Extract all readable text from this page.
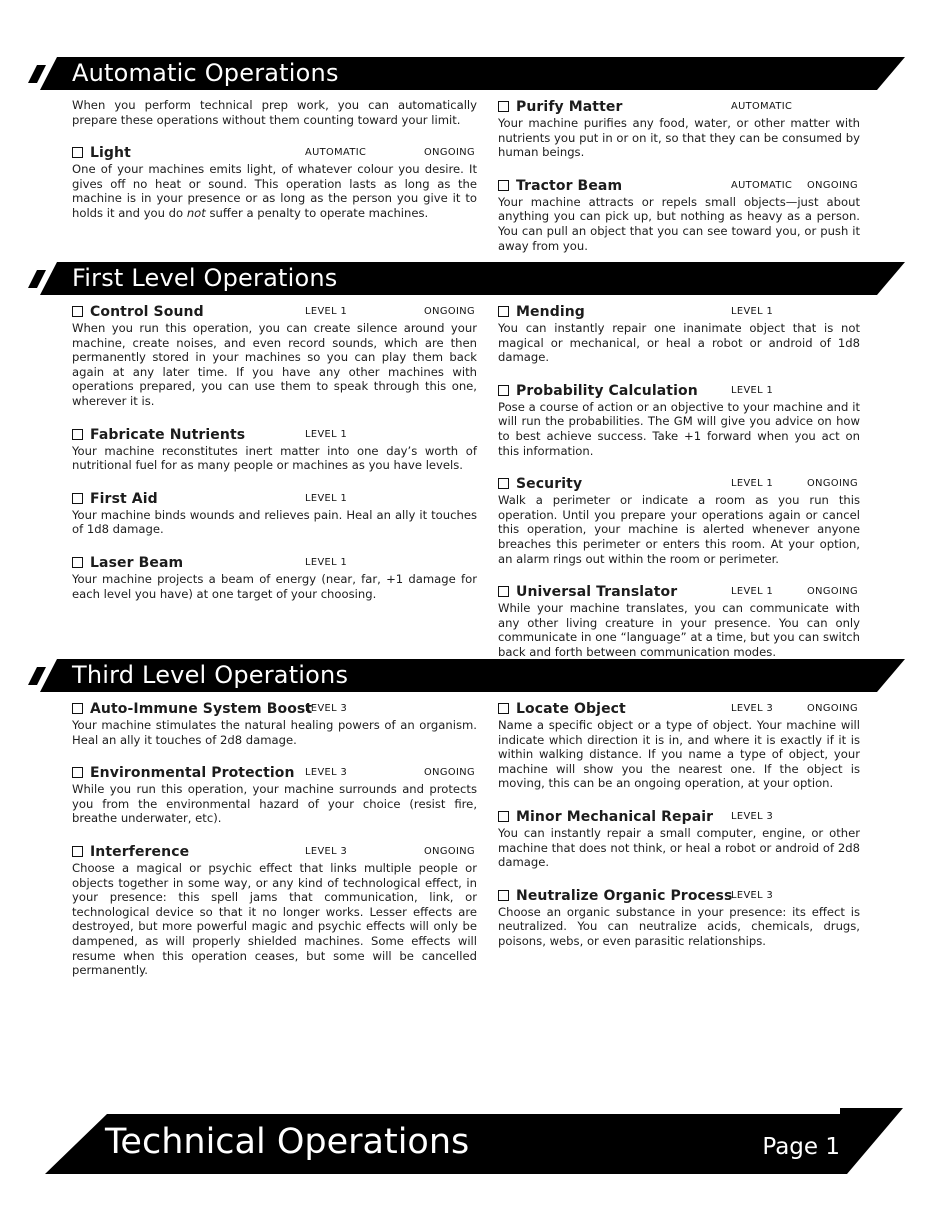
Automatic Operations

When you perform technical prep work, you can automatically prepare these operations without them counting toward your limit.

Light	AUTOMATIC	ONGOING

One of your machines emits light, of whatever colour you desire. It gives off no heat or sound. This operation lasts as long as the machine is in your presence or as long as the person you give it to holds it and you do not suffer a penalty to operate machines.

Purify Matter	AUTOMATIC

Your machine purifies any food, water, or other matter with nutrients you put in or on it, so that they can be consumed by human beings.

Tractor Beam	AUTOMATIC ONGOING

Your machine attracts or repels small objects—just about anything you can pick up, but nothing as heavy as a person. You can pull an object that you can see toward you, or push it away from you.

First Level Operations
Control Sound	LEVEL 1	ONGOING

When you run this operation, you can create silence around your machine, create noises, and even record sounds, which are then permanently stored in your machines so you can play them back again at any later time. If you have any other machines with operations prepared, you can use them to speak through this one, wherever it is.

Fabricate Nutrients	LEVEL 1

Your machine reconstitutes inert matter into one day’s worth of nutritional fuel for as many people or machines as you have levels.

First Aid	LEVEL 1

Your machine binds wounds and relieves pain. Heal an ally it touches of 1d8 damage.

Laser Beam	LEVEL 1

Your machine projects a beam of energy (near, far, +1 damage for each level you have) at one target of your choosing.

Mending	LEVEL 1

You can instantly repair one inanimate object that is not magical or mechanical, or heal a robot or android of 1d8 damage.

Probability Calculation	LEVEL 1

Pose a course of action or an objective to your machine and it will run the probabilities. The GM will give you advice on how to best achieve success. Take +1 forward when you act on this information.

Security	LEVEL 1	ONGOING

Walk a perimeter or indicate a room as you run this operation. Until you prepare your operations again or cancel this operation, your machine is alerted whenever anyone breaches this perimeter or enters this room. At your option, an alarm rings out within the room or perimeter.

Universal Translator	LEVEL 1	ONGOING

While your machine translates, you can communicate with any other living creature in your presence. You can only communicate in one “language” at a time, but you can switch back and forth between communication modes.

Third Level Operations
Auto-Immune System Boost
LEVEL 3

Your machine stimulates the natural healing powers of an organism. Heal an ally it touches of 2d8 damage.

Environmental Protection LEVEL 3	ONGOING

While you run this operation, your machine surrounds and protects you from the environmental hazard of your choice (resist fire, breathe underwater, etc).

Interference	LEVEL 3	ONGOING

Choose a magical or psychic effect that links multiple people or objects together in some way, or any kind of technological effect, in your presence: this spell jams that communication, link, or technological device so that it no longer works. Lesser effects are destroyed, but more powerful magic and psychic effects will only be dampened, as will properly shielded machines. Some effects will resume when this operation ceases, but some will be cancelled permanently.

Locate Object	LEVEL 3	ONGOING

Name a specific object or a type of object. Your machine will indicate which direction it is in, and where it is exactly if it is within walking distance. If you name a type of object, your machine will show you the nearest one. If the object is moving, this can be an ongoing operation, at your option.

Minor Mechanical Repair LEVEL 3

You can instantly repair a small computer, engine, or other machine that does not think, or heal a robot or android of 2d8 damage.

Neutralize Organic Process
LEVEL 3

Choose an organic substance in your presence: its effect is neutralized. You can neutralize acids, chemicals, drugs, poisons, webs, or even parasitic relationships.

Technical Operations	Page 1
